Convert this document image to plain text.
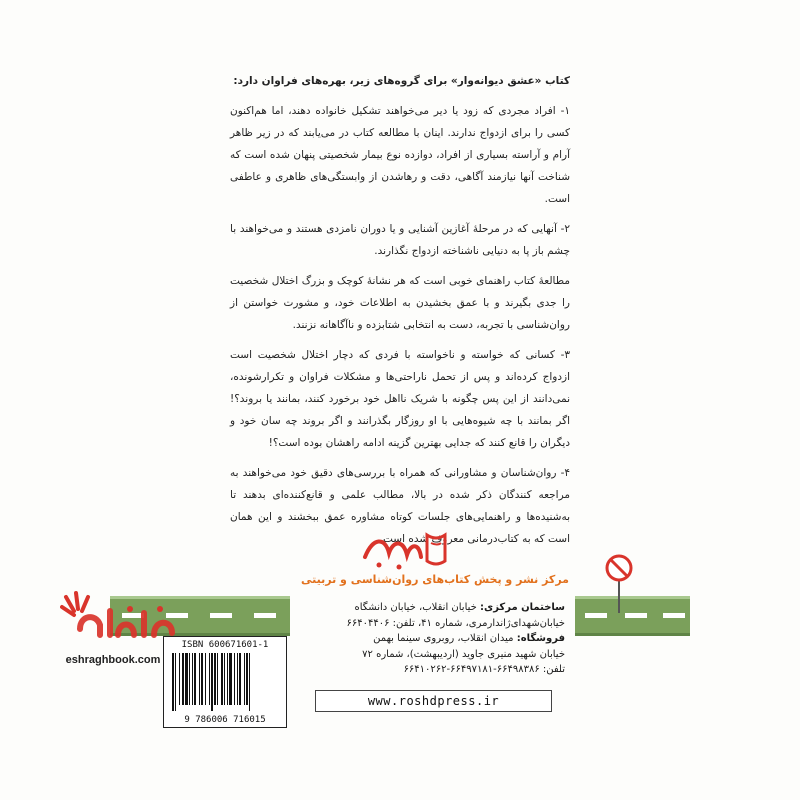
کتاب «عشق دیوانه‌وار» برای گروه‌های زیر، بهره‌های فراوان دارد:

۱- افراد مجردی که زود یا دیر می‌خواهند تشکیل خانواده دهند، اما هم‌اکنون کسی را برای ازدواج ندارند. اینان با مطالعه کتاب در می‌یابند که در زیر ظاهر آرام و آراسته بسیاری از افراد، دوازده نوع بیمار شخصیتی پنهان شده است که شناخت آنها نیازمند آگاهی، دقت و رهاشدن از وابستگی‌های ظاهری و عاطفی است.

۲- آنهایی که در مرحلهٔ آغازین آشنایی و یا دوران نامزدی هستند و می‌خواهند با چشم باز پا به دنیایی ناشناخته ازدواج نگذارند.

مطالعهٔ کتاب راهنمای خوبی است که هر نشانهٔ کوچک و بزرگ اختلال شخصیت را جدی بگیرند و با عمق بخشیدن به اطلاعات خود، و مشورت خواستن از روان‌شناسی با تجربه، دست به انتخابی شتابزده و ناآگاهانه نزنند.

۳- کسانی که خواسته و ناخواسته با فردی که دچار اختلال شخصیت است ازدواج کرده‌اند و پس از تحمل ناراحتی‌ها و مشکلات فراوان و تکرارشونده، نمی‌دانند از این پس چگونه با شریک نااهل خود برخورد کنند، بمانند یا بروند؟! اگر بمانند با چه شیوه‌هایی با او روزگار بگذرانند و اگر بروند چه سان خود و دیگران را قانع کنند که جدایی بهترین گزینه ادامه راهشان بوده است؟!

۴- روان‌شناسان و مشاورانی که همراه با بررسی‌های دقیق خود می‌خواهند به مراجعه کنندگان ذکر شده در بالا، مطالب علمی و قانع‌کننده‌ای بدهند تا به‌شنیده‌ها و راهنمایی‌های جلسات کوتاه مشاوره عمق ببخشند و این همان است که به کتاب‌درمانی معروف شده است.

مرکز نشر و پخش کتاب‌های روان‌شناسی و تربیتی
eshraghbook.com
ساختمان مرکزی: خیابان انقلاب، خیابان دانشگاه
خیابان‌شهدای‌ژاندارمری، شماره ۴۱، تلفن: ۶۶۴۰۴۴۰۶
فروشگاه: میدان انقلاب، روبروی سینما بهمن
خیابان شهید منیری جاوید (اردیبهشت)، شماره ۷۲
تلفن: ۶۶۴۹۸۳۸۶-۶۶۴۹۷۱۸۱-۶۶۴۱۰۲۶۲
www.roshdpress.ir
ISBN 600671601-1
9 786006 716015
